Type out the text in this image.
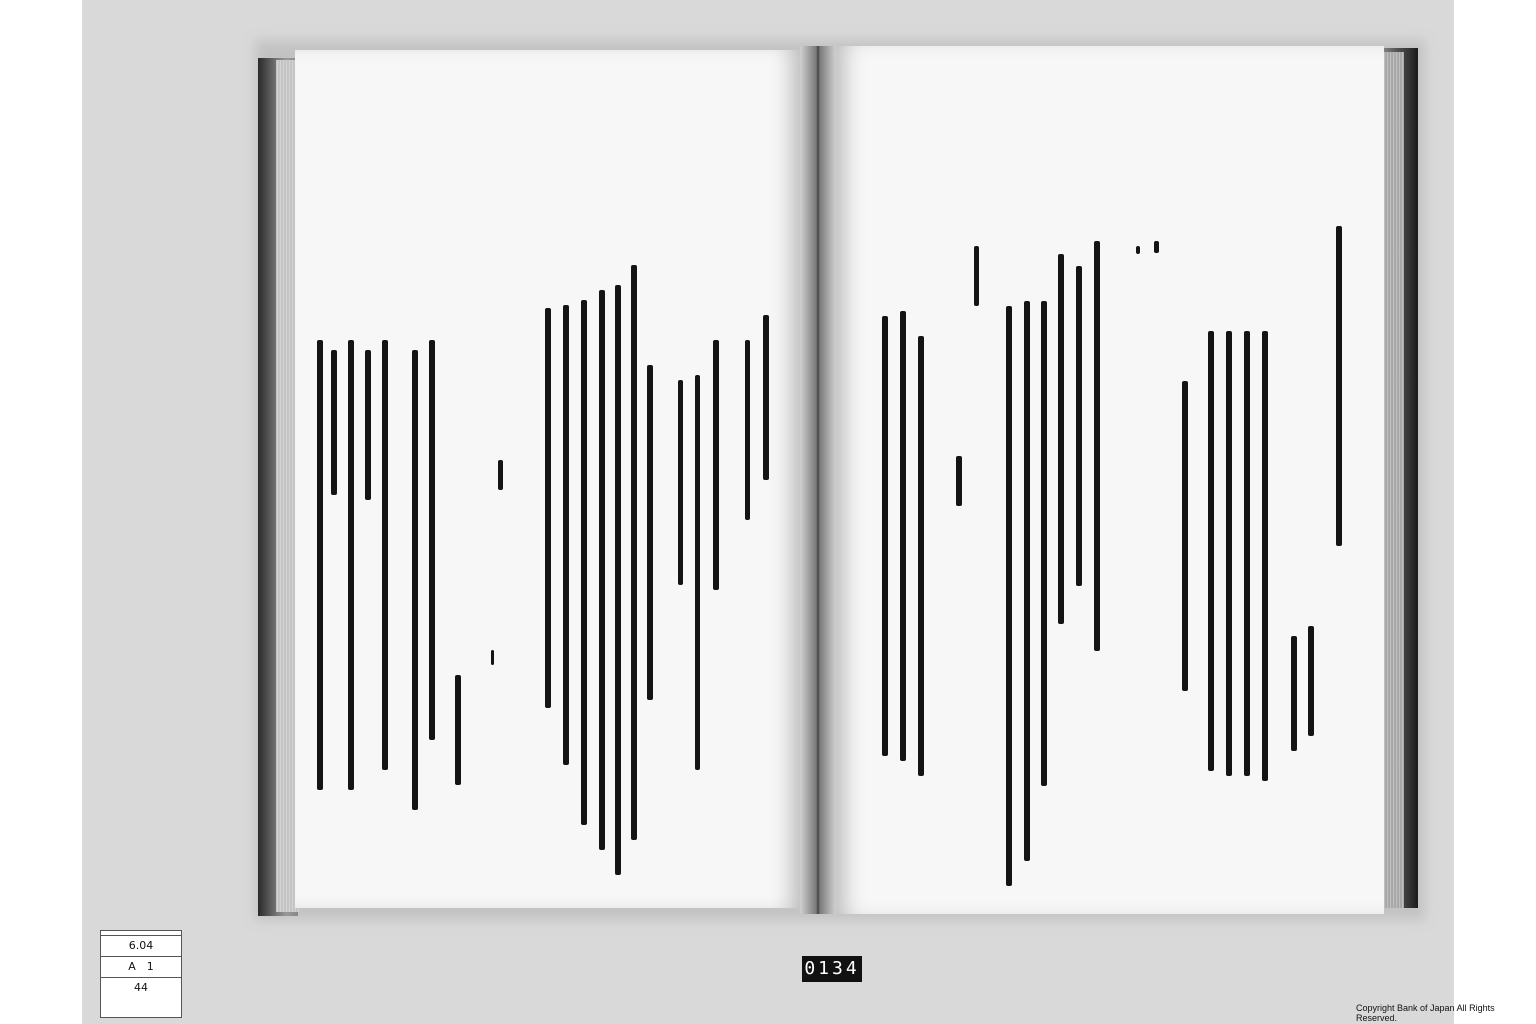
6.04
A　1
44
0134
Copyright Bank of Japan All Rights Reserved.
